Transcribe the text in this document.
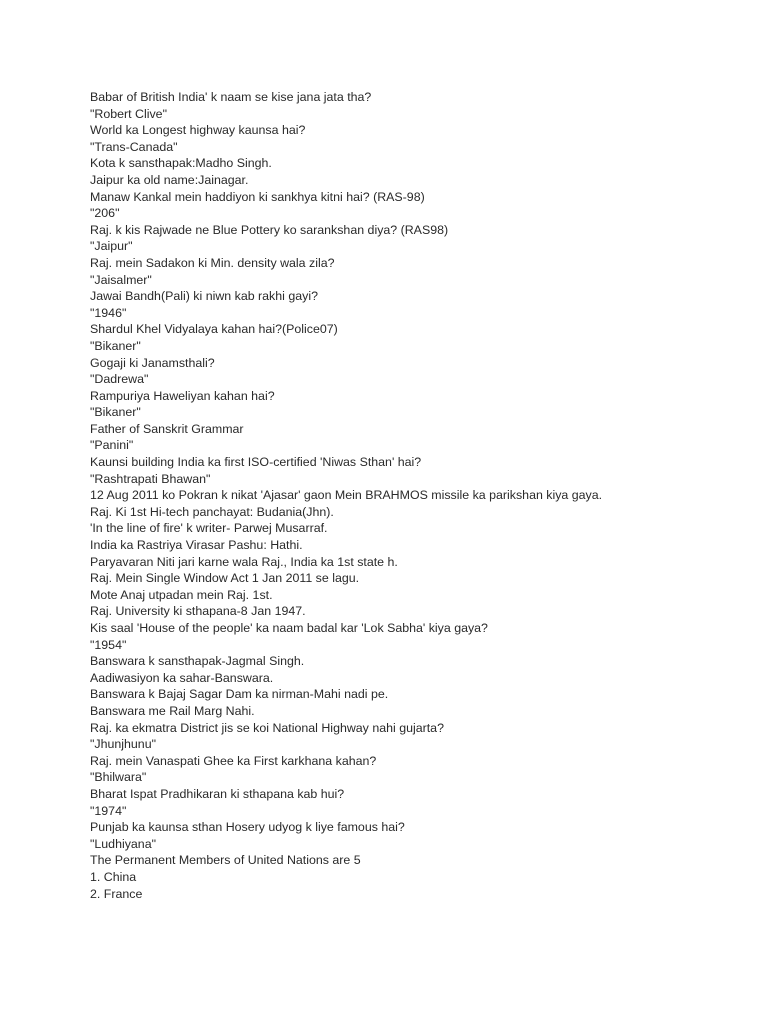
Babar of British India' k naam se kise jana jata tha?
"Robert Clive"
World ka Longest highway kaunsa hai?
"Trans-Canada"
Kota k sansthapak:Madho Singh.
Jaipur ka old name:Jainagar.
Manaw Kankal mein haddiyon ki sankhya kitni hai? (RAS-98)
"206"
Raj. k kis Rajwade ne Blue Pottery ko sarankshan diya? (RAS98)
"Jaipur"
Raj. mein Sadakon ki Min. density wala zila?
"Jaisalmer"
Jawai Bandh(Pali) ki niwn kab rakhi gayi?
"1946"
Shardul Khel Vidyalaya kahan hai?(Police07)
"Bikaner"
Gogaji ki Janamsthali?
"Dadrewa"
Rampuriya Haweliyan kahan hai?
"Bikaner"
Father of Sanskrit Grammar
"Panini"
Kaunsi building India ka first ISO-certified 'Niwas Sthan' hai?
"Rashtrapati Bhawan"
12 Aug 2011 ko Pokran k nikat 'Ajasar' gaon Mein BRAHMOS missile ka parikshan kiya gaya.
Raj. Ki 1st Hi-tech panchayat: Budania(Jhn).
'In the line of fire' k writer- Parwej Musarraf.
India ka Rastriya Virasar Pashu: Hathi.
Paryavaran Niti jari karne wala Raj., India ka 1st state h.
Raj. Mein Single Window Act 1 Jan 2011 se lagu.
Mote Anaj utpadan mein Raj. 1st.
Raj. University ki sthapana-8 Jan 1947.
Kis saal 'House of the people' ka naam badal kar 'Lok Sabha' kiya gaya?
"1954"
Banswara k sansthapak-Jagmal Singh.
Aadiwasiyon ka sahar-Banswara.
Banswara k Bajaj Sagar Dam ka nirman-Mahi nadi pe.
Banswara me Rail Marg Nahi.
Raj. ka ekmatra District jis se koi National Highway nahi gujarta?
"Jhunjhunu"
Raj. mein Vanaspati Ghee ka First karkhana kahan?
"Bhilwara"
Bharat Ispat Pradhikaran ki sthapana kab hui?
"1974"
Punjab ka kaunsa sthan Hosery udyog k liye famous hai?
"Ludhiyana"
The Permanent Members of United Nations are 5
1. China
2. France
